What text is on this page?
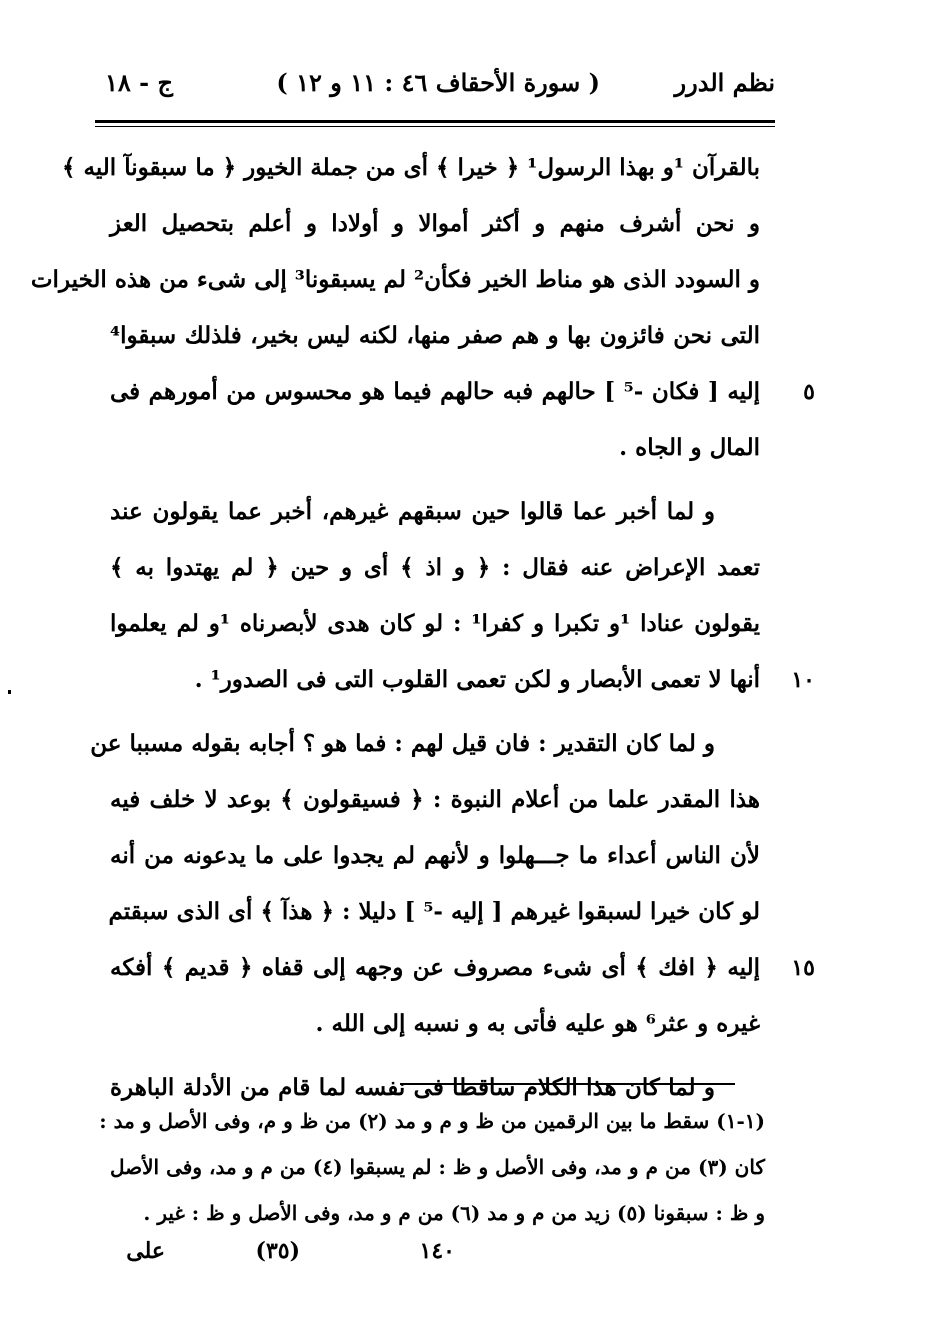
نظم الدرر
( سورة الأحقاف ٤٦ : ١١ و ١٢ )
ج - ١٨
بالقرآن ¹و بهذا الرسول¹ ﴿ خيرا ﴾ أى من جملة الخيور ﴿ ما سبقونآ اليه ﴾
و نحن أشرف منهم و أكثر أموالا و أولادا و أعلم بتحصيل العز
و السودد الذى هو مناط الخير فكأن² لم يسبقونا³ إلى شىء من هذه الخيرات
التى نحن فائزون بها و هم صفر منها، لكنه ليس بخير، فلذلك سبقوا⁴
٥
إليه [ فكان -⁵ ] حالهم فبه حالهم فيما هو محسوس من أمورهم فى
المال و الجاه .
و لما أخبر عما قالوا حين سبقهم غيرهم، أخبر عما يقولون عند
تعمد الإعراض عنه فقال : ﴿ و اذ ﴾ أى و حين ﴿ لم يهتدوا به ﴾
يقولون عنادا ¹و تكبرا و كفرا¹ : لو كان هدى لأبصرناه ¹و لم يعلموا
١٠
أنها لا تعمى الأبصار و لكن تعمى القلوب التى فى الصدور¹ .
و لما كان التقدير : فان قيل لهم : فما هو ؟ أجابه بقوله مسببا عن
هذا المقدر علما من أعلام النبوة : ﴿ فسيقولون ﴾ بوعد لا خلف فيه
لأن الناس أعداء ما جـــهلوا و لأنهم لم يجدوا على ما يدعونه من أنه
لو كان خيرا لسبقوا غيرهم [ إليه -⁵ ] دليلا : ﴿ هذآ ﴾ أى الذى سبقتم
١٥
إليه ﴿ افك ﴾ أى شىء مصروف عن وجهه إلى قفاه ﴿ قديم ﴾ أفكه
غيره و عثر⁶ هو عليه فأتى به و نسبه إلى الله .
و لما كان هذا الكلام ساقطا فى نفسه لما قام من الأدلة الباهرة
(١-١) سقط ما بين الرقمين من ظ و م و مد (٢) من ظ و م، وفى الأصل و مد :
كان (٣) من م و مد، وفى الأصل و ظ : لم يسبقوا (٤) من م و مد، وفى الأصل
و ظ : سبقونا (٥) زيد من م و مد (٦) من م و مد، وفى الأصل و ظ : غير .
١٤٠
(٣٥)
على
